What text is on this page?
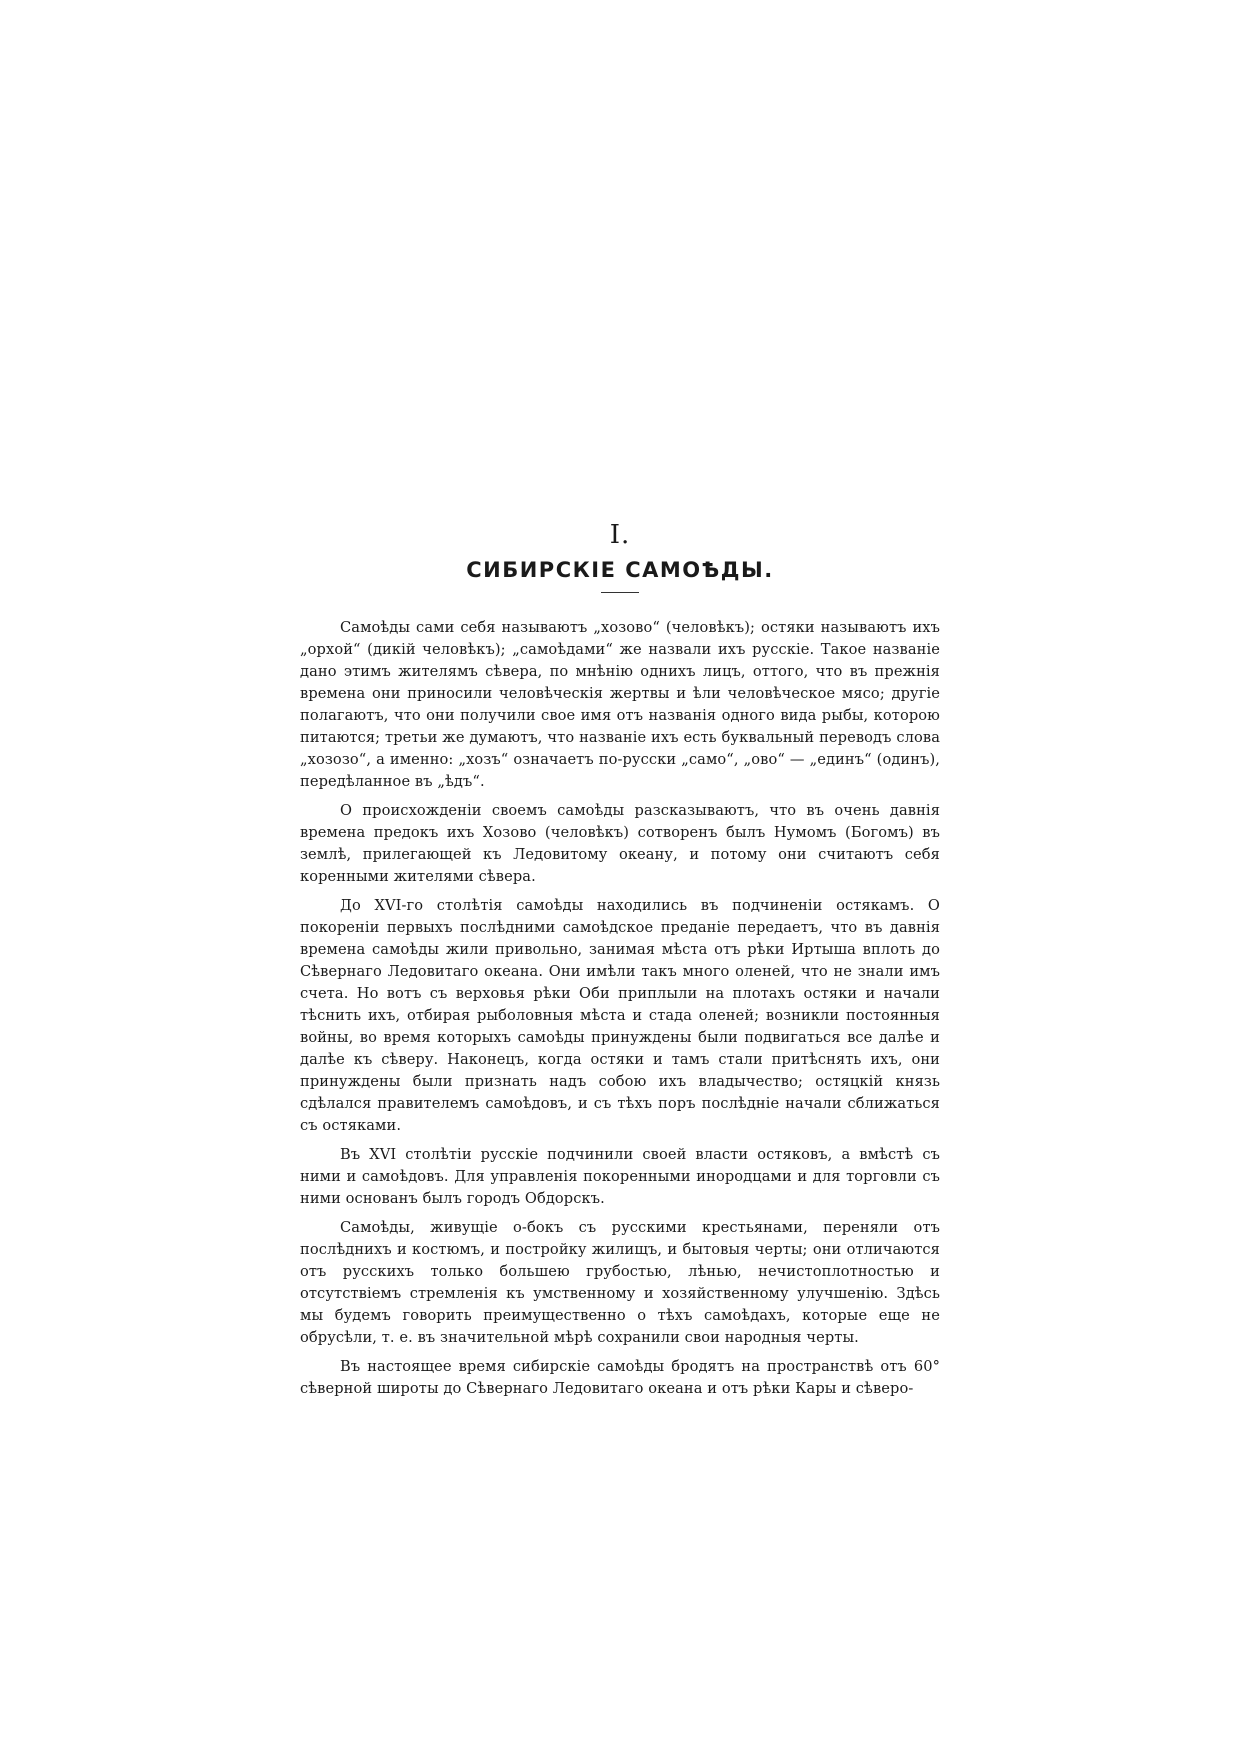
I.
СИБИРСКІЕ САМОѢДЫ.

Самоѣды сами себя называютъ „хозово“ (человѣкъ); остяки называютъ ихъ „орхой“ (дикій человѣкъ); „самоѣдами“ же назвали ихъ русскіе. Такое названіе дано этимъ жителямъ сѣвера, по мнѣнію однихъ лицъ, оттого, что въ прежнія времена они приносили человѣческія жертвы и ѣли человѣческое мясо; другіе полагаютъ, что они получили свое имя отъ названія одного вида рыбы, которою питаются; третьи же думаютъ, что названіе ихъ есть буквальный переводъ слова „хозозо“, а именно: „хозъ“ означаетъ по-русски „само“, „ово“ — „единъ“ (одинъ), передѣланное въ „ѣдъ“.

О происхожденіи своемъ самоѣды разсказываютъ, что въ очень давнія времена предокъ ихъ Хозово (человѣкъ) сотворенъ былъ Нумомъ (Богомъ) въ землѣ, прилегающей къ Ледовитому океану, и потому они считаютъ себя коренными жителями сѣвера.

До XVI-го столѣтія самоѣды находились въ подчиненіи остякамъ. О покореніи первыхъ послѣдними самоѣдское преданіе передаетъ, что въ давнія времена самоѣды жили привольно, занимая мѣста отъ рѣки Иртыша вплоть до Сѣвернаго Ледовитаго океана. Они имѣли такъ много оленей, что не знали имъ счета. Но вотъ съ верховья рѣки Оби приплыли на плотахъ остяки и начали тѣснить ихъ, отбирая рыболовныя мѣста и стада оленей; возникли постоянныя войны, во время которыхъ самоѣды принуждены были подвигаться все далѣе и далѣе къ сѣверу. Наконецъ, когда остяки и тамъ стали притѣснять ихъ, они принуждены были признать надъ собою ихъ владычество; остяцкій князь сдѣлался правителемъ самоѣдовъ, и съ тѣхъ поръ послѣдніе начали сближаться съ остяками.

Въ XVI столѣтіи русскіе подчинили своей власти остяковъ, а вмѣстѣ съ ними и самоѣдовъ. Для управленія покоренными инородцами и для торговли съ ними основанъ былъ городъ Обдорскъ.

Самоѣды, живущіе о-бокъ съ русскими крестьянами, переняли отъ послѣднихъ и костюмъ, и постройку жилищъ, и бытовыя черты; они отличаются отъ русскихъ только большею грубостью, лѣнью, нечистоплотностью и отсутствіемъ стремленія къ умственному и хозяйственному улучшенію. Здѣсь мы будемъ говорить преимущественно о тѣхъ самоѣдахъ, которые еще не обрусѣли, т. е. въ значительной мѣрѣ сохранили свои народныя черты.

Въ настоящее время сибирскіе самоѣды бродятъ на пространствѣ отъ 60° сѣверной широты до Сѣвернаго Ледовитаго океана и отъ рѣки Кары и сѣверо-
